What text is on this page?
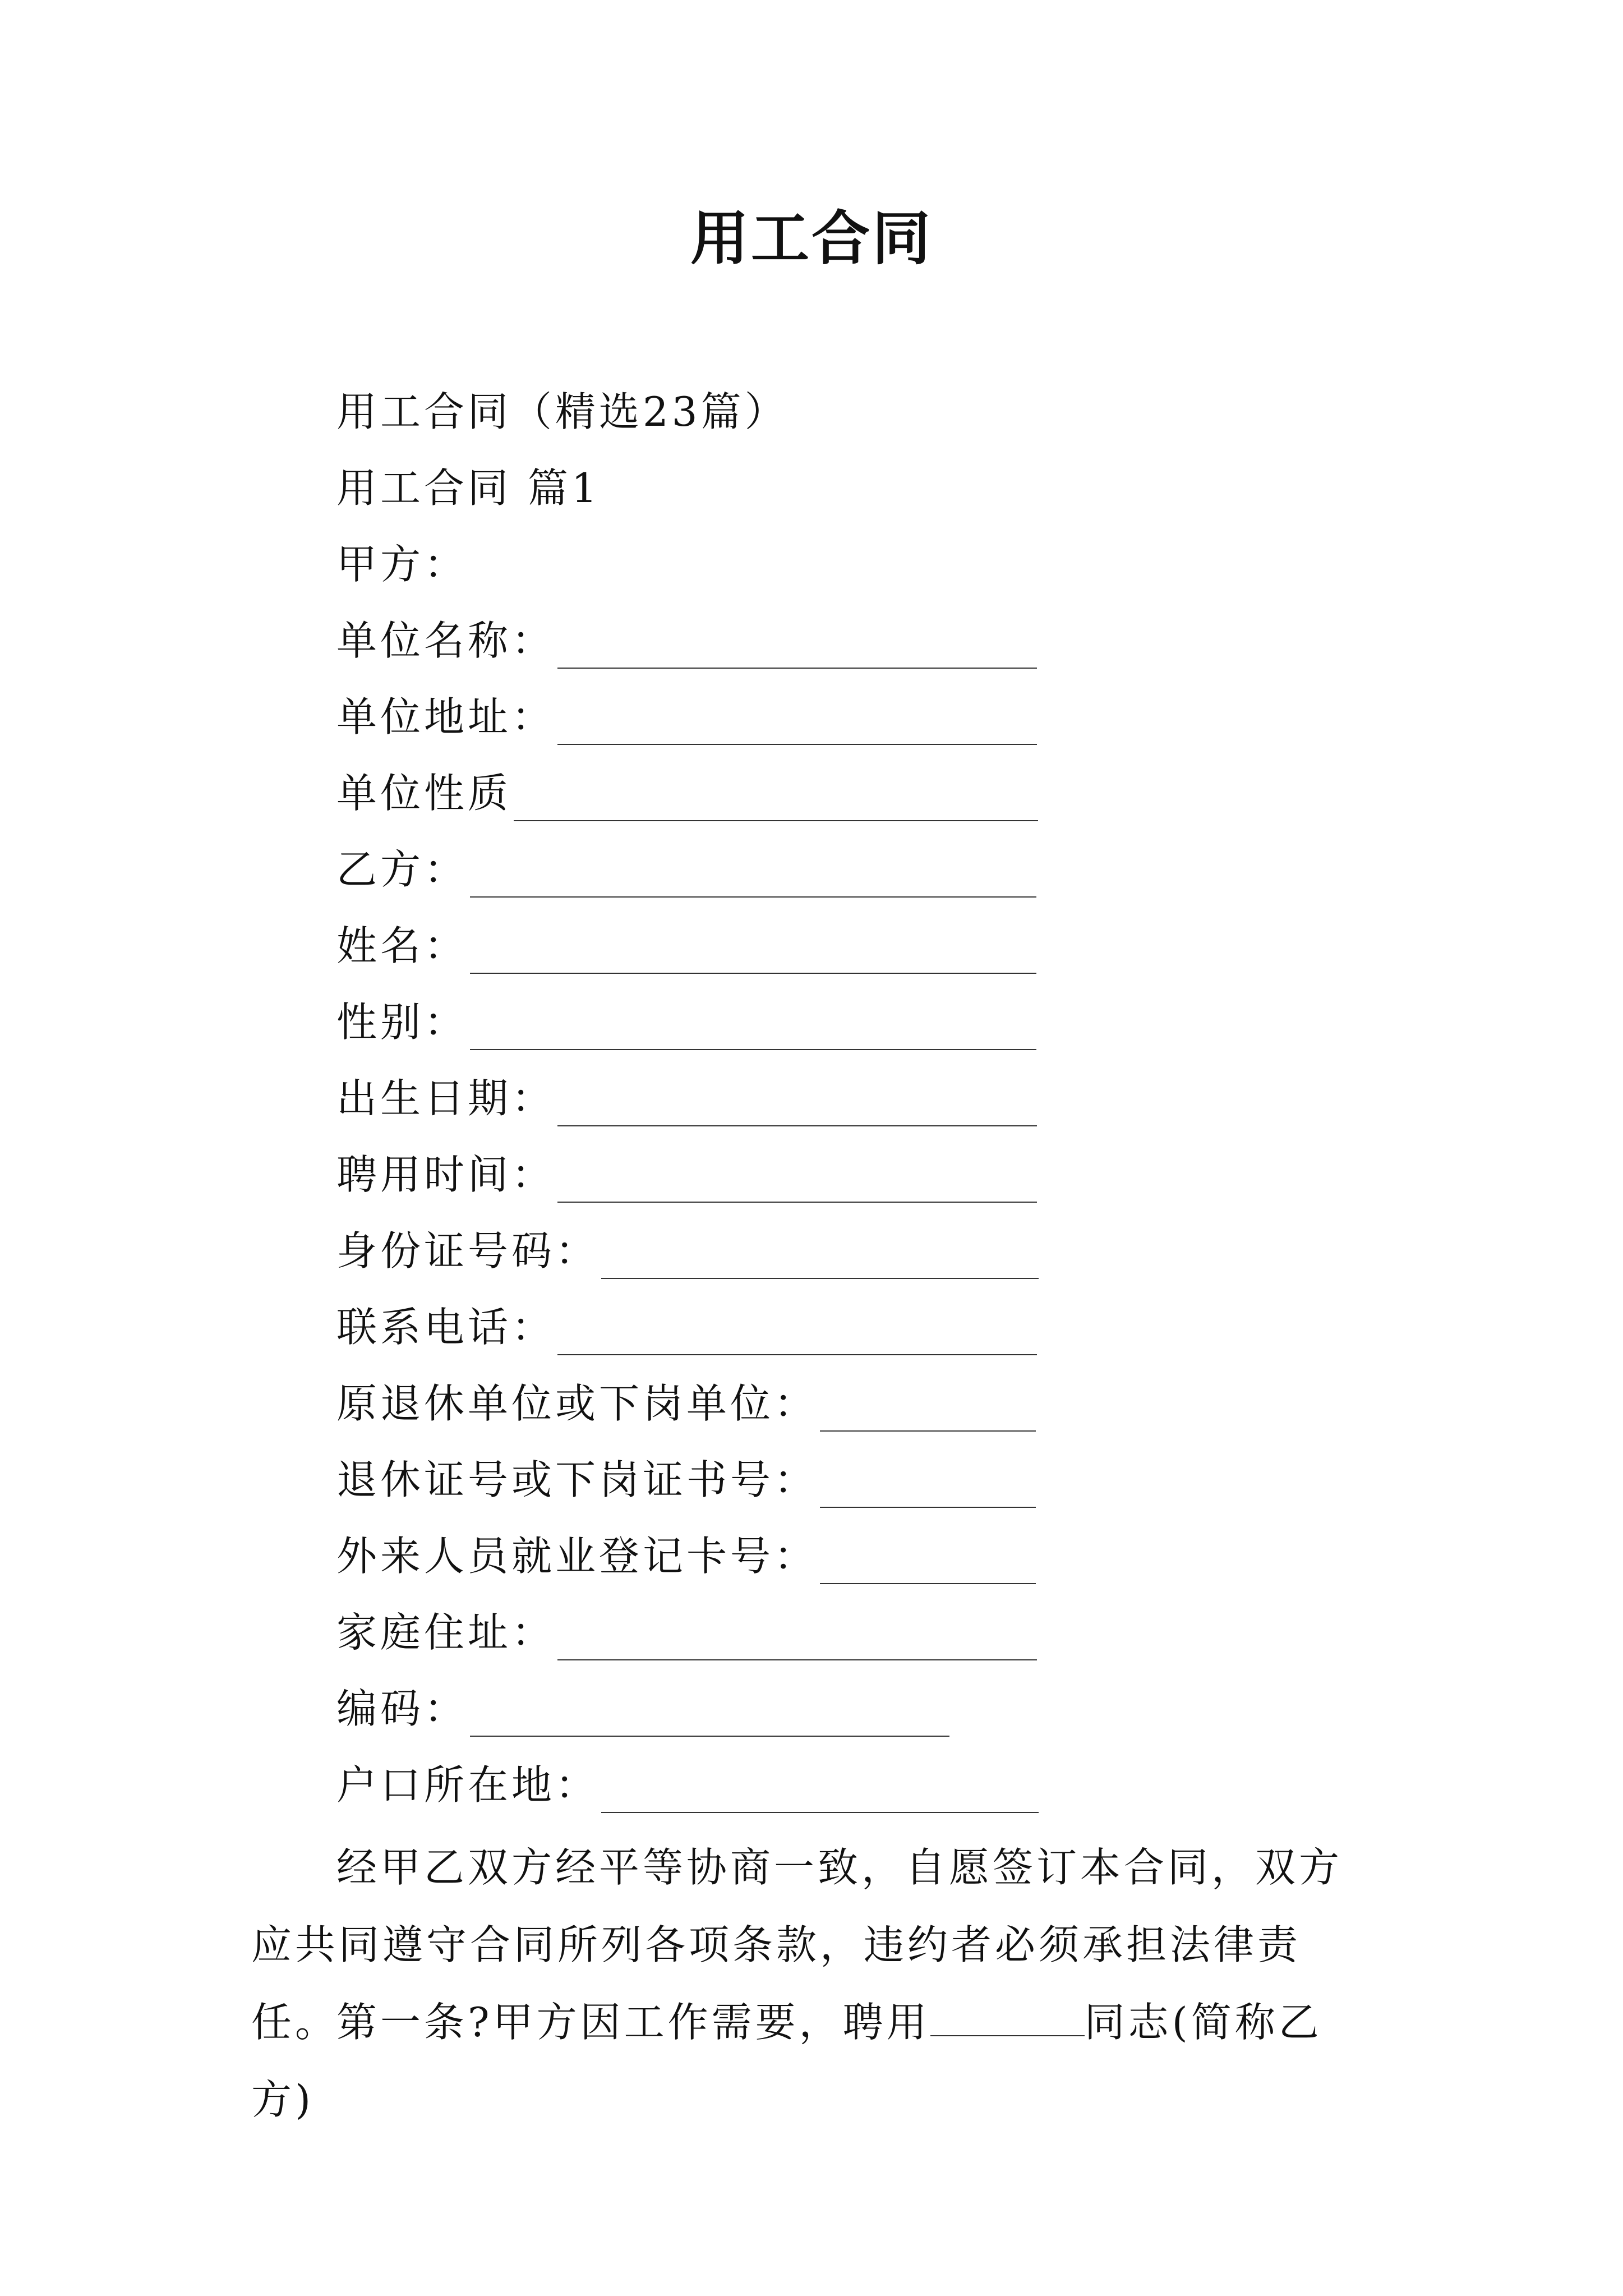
用工合同
用工合同（精选23篇）
用工合同 篇1
甲方：
单位名称：
单位地址：
单位性质
乙方：
姓名：
性别：
出生日期：
聘用时间：
身份证号码：
联系电话：
原退休单位或下岗单位：
退休证号或下岗证书号：
外来人员就业登记卡号：
家庭住址：
编码：
户口所在地：
经甲乙双方经平等协商一致，自愿签订本合同，双方应共同遵守合同所列各项条款，违约者必须承担法律责任。
第一条?甲方因工作需要，聘用	同志(简称乙方)
